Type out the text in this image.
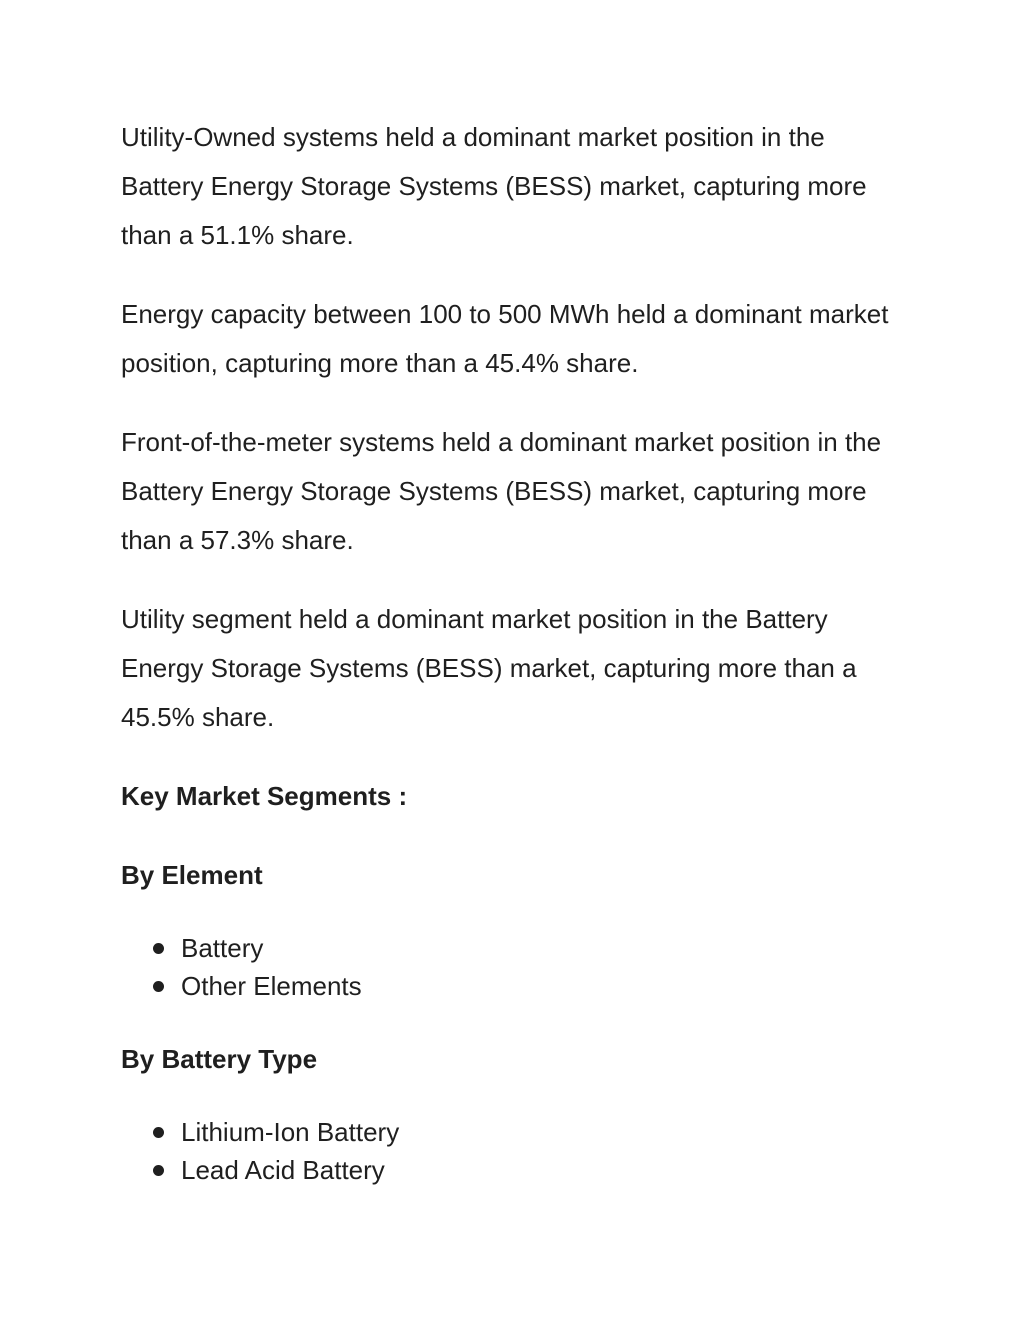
Utility-Owned systems held a dominant market position in the Battery Energy Storage Systems (BESS) market, capturing more than a 51.1% share.

Energy capacity between 100 to 500 MWh held a dominant market position, capturing more than a 45.4% share.

Front-of-the-meter systems held a dominant market position in the Battery Energy Storage Systems (BESS) market, capturing more than a 57.3% share.

Utility segment held a dominant market position in the Battery Energy Storage Systems (BESS) market, capturing more than a 45.5% share.

Key Market Segments :
By Element
Battery
Other Elements
By Battery Type
Lithium-Ion Battery
Lead Acid Battery
